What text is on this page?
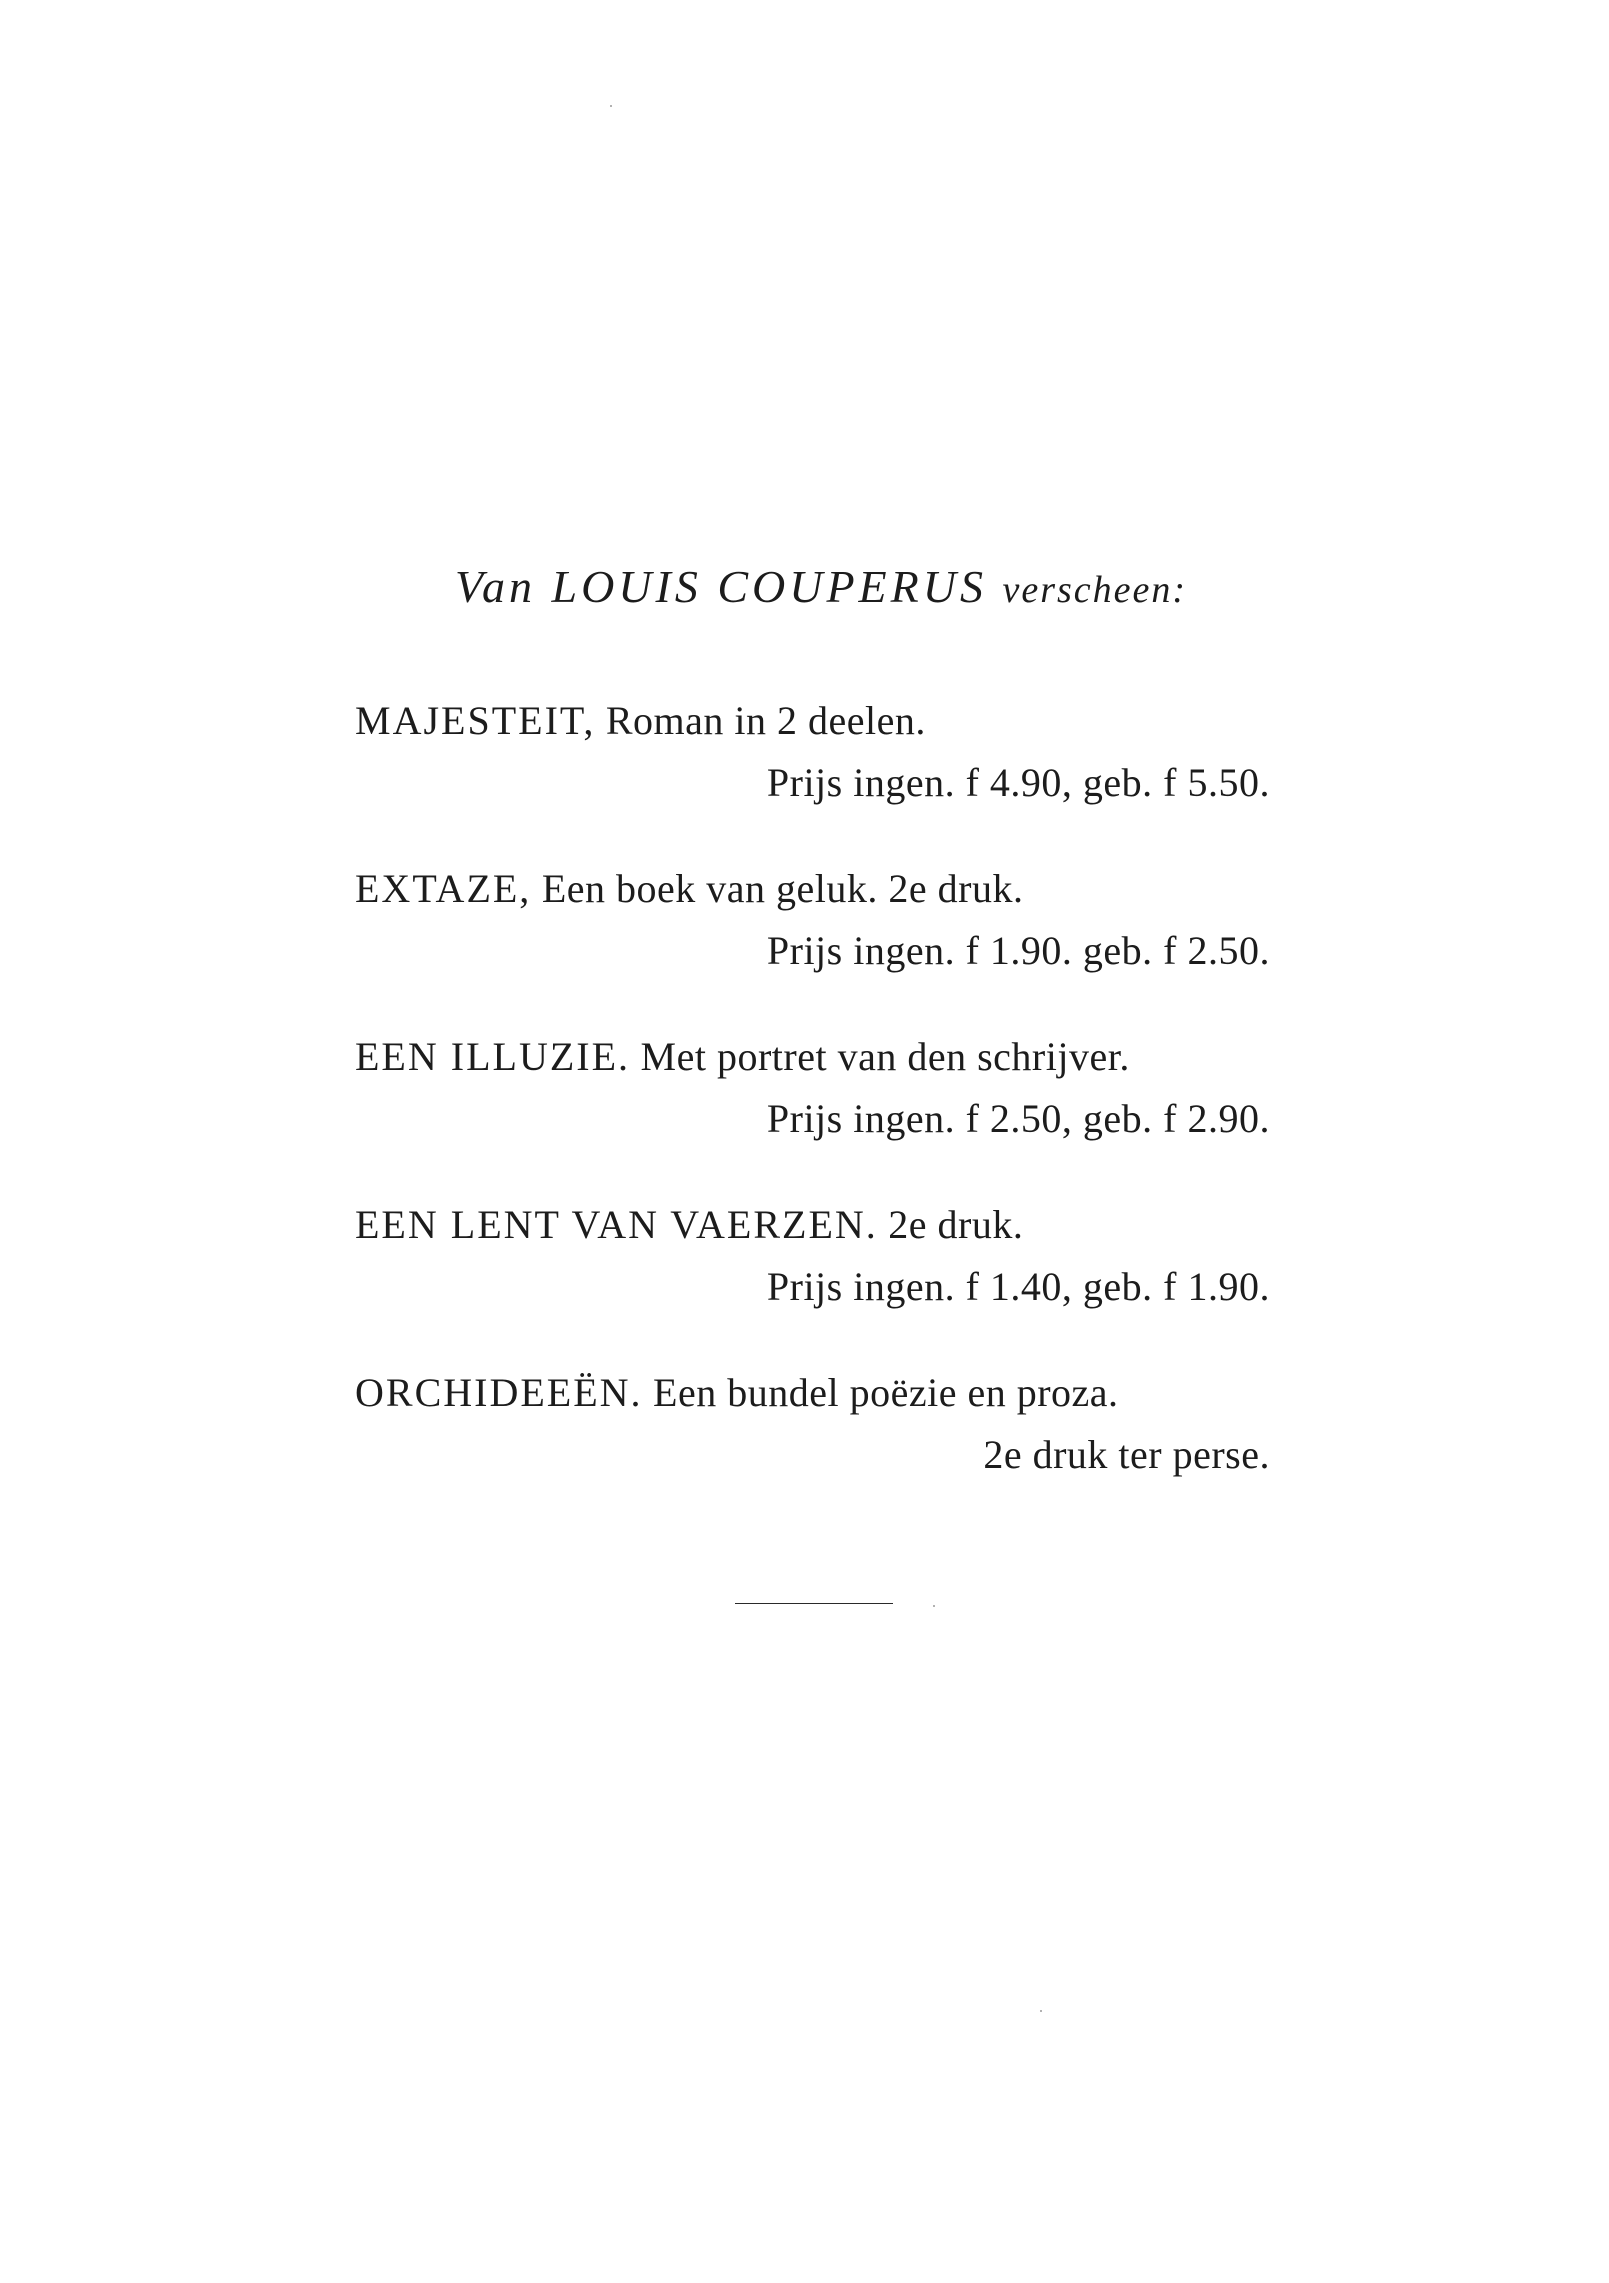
Van LOUIS COUPERUS verscheen:
MAJESTEIT, Roman in 2 deelen.
Prijs ingen. f 4.90, geb. f 5.50.
EXTAZE, Een boek van geluk. 2e druk.
Prijs ingen. f 1.90. geb. f 2.50.
EEN ILLUZIE. Met portret van den schrijver.
Prijs ingen. f 2.50, geb. f 2.90.
EEN LENT VAN VAERZEN. 2e druk.
Prijs ingen. f 1.40, geb. f 1.90.
ORCHIDEEËN. Een bundel poëzie en proza.
2e druk ter perse.
